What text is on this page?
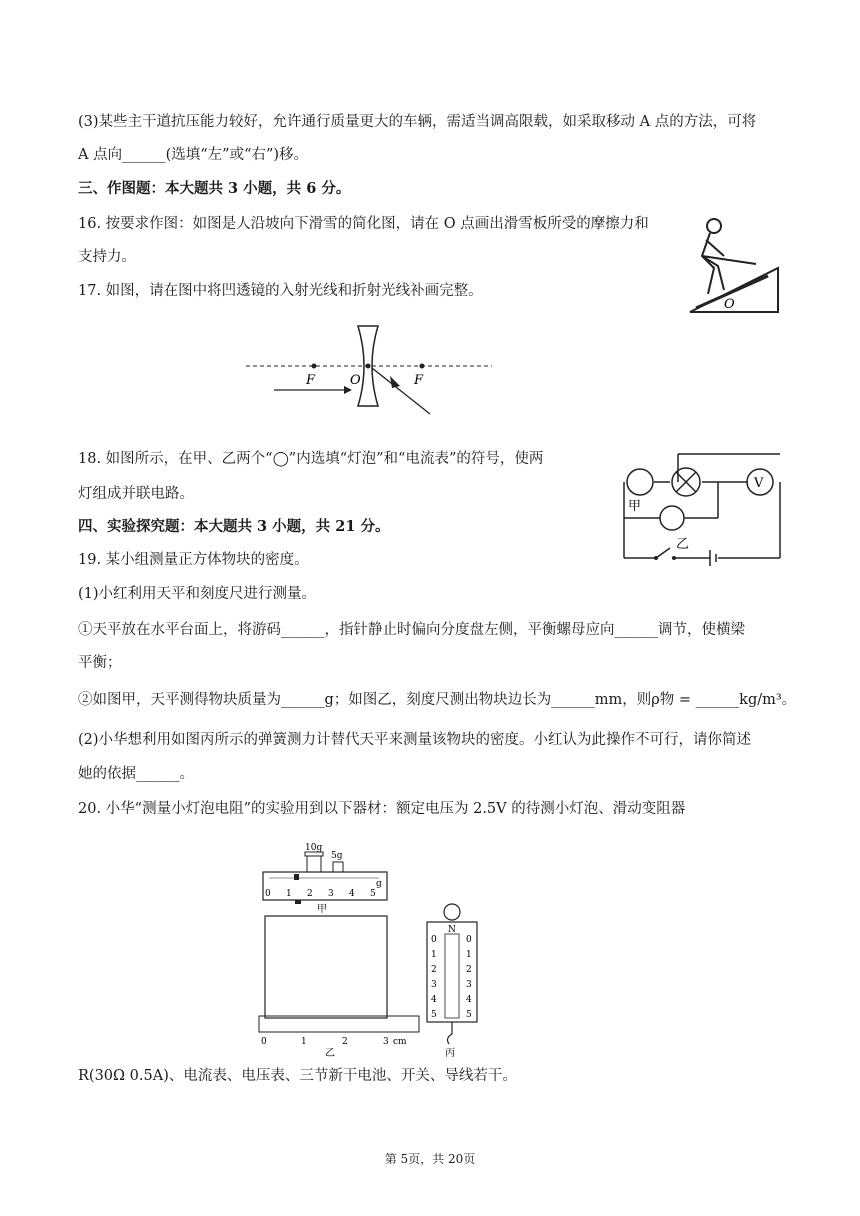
(3)某些主干道抗压能力较好，允许通行质量更大的车辆，需适当调高限载，如采取移动 A 点的方法，可将
A 点向______(选填“左”或“右”)移。
三、作图题：本大题共 3 小题，共 6 分。
16. 按要求作图：如图是人沿坡向下滑雪的简化图，请在 O 点画出滑雪板所受的摩擦力和
支持力。
17. 如图，请在图中将凹透镜的入射光线和折射光线补画完整。
18. 如图所示，在甲、乙两个“◯”内选填“灯泡”和“电流表”的符号，使两
灯组成并联电路。
四、实验探究题：本大题共 3 小题，共 21 分。
19. 某小组测量正方体物块的密度。
(1)小红利用天平和刻度尺进行测量。
①天平放在水平台面上，将游码______，指针静止时偏向分度盘左侧，平衡螺母应向______调节，使横梁
平衡；
②如图甲，天平测得物块质量为______g；如图乙，刻度尺测出物块边长为______mm，则ρ物 = ______kg/m³。
(2)小华想利用如图丙所示的弹簧测力计替代天平来测量该物块的密度。小红认为此操作不可行，请你简述
她的依据______。
20. 小华“测量小灯泡电阻”的实验用到以下器材：额定电压为 2.5V 的待测小灯泡、滑动变阻器
R(30Ω 0.5A)、电流表、电压表、三节新干电池、开关、导线若干。
O
F	O	F
V
甲
乙
10g
5g
0 1 2 3 4 5
g
甲
0	1	2	3 cm
乙
N
0
1
2
3
4
5
0
1
2
3
4
5
丙
第 5页，共 20页
